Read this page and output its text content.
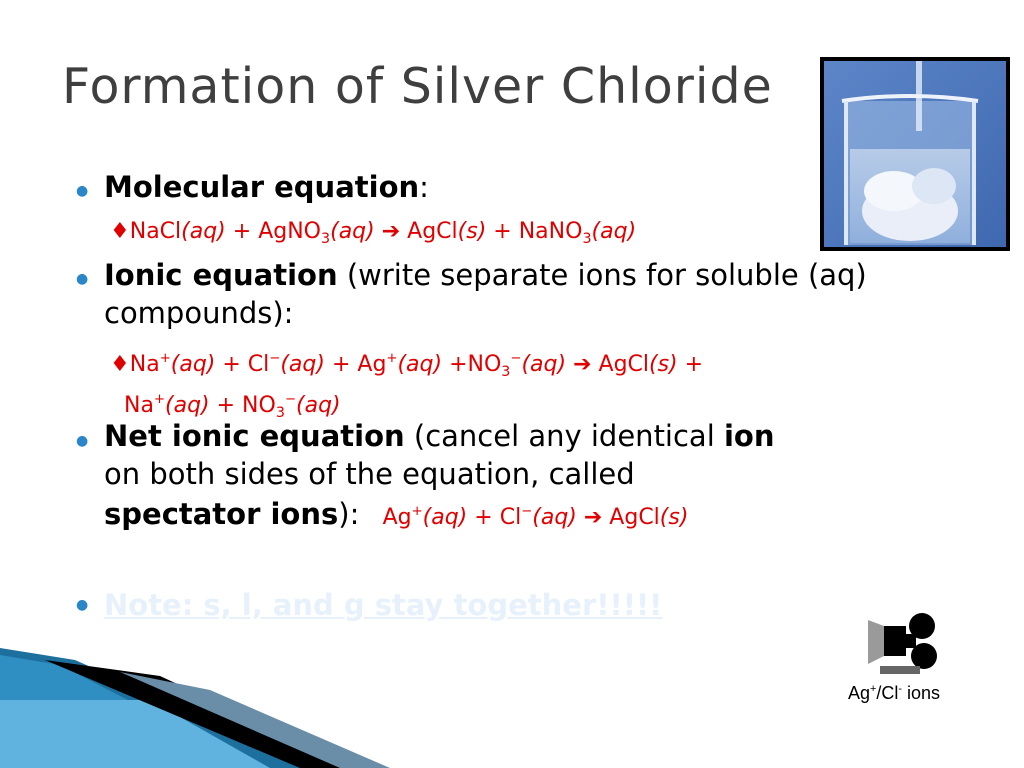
Formation of Silver Chloride
● Molecular equation:
♦NaCl(aq) + AgNO$_3$(aq) ➔ AgCl(s) + NaNO$_3$(aq)
● Ionic equation (write separate ions for soluble (aq) compounds):
♦Na+(aq) + $Cl^-(aq) + Ag^+(aq) +NO_3^-(aq)$ ➔ AgCl(s) +
$Na^+(aq) + NO_3^-(aq)$
● Net ionic equation (cancel any identical ion
on both sides of the equation, called
spectator ions):   Ag+(aq) + Cl−(aq) ➔ AgCl(s)
● Note: s, l, and g stay together!!!!!
Ag+/Cl- ions
